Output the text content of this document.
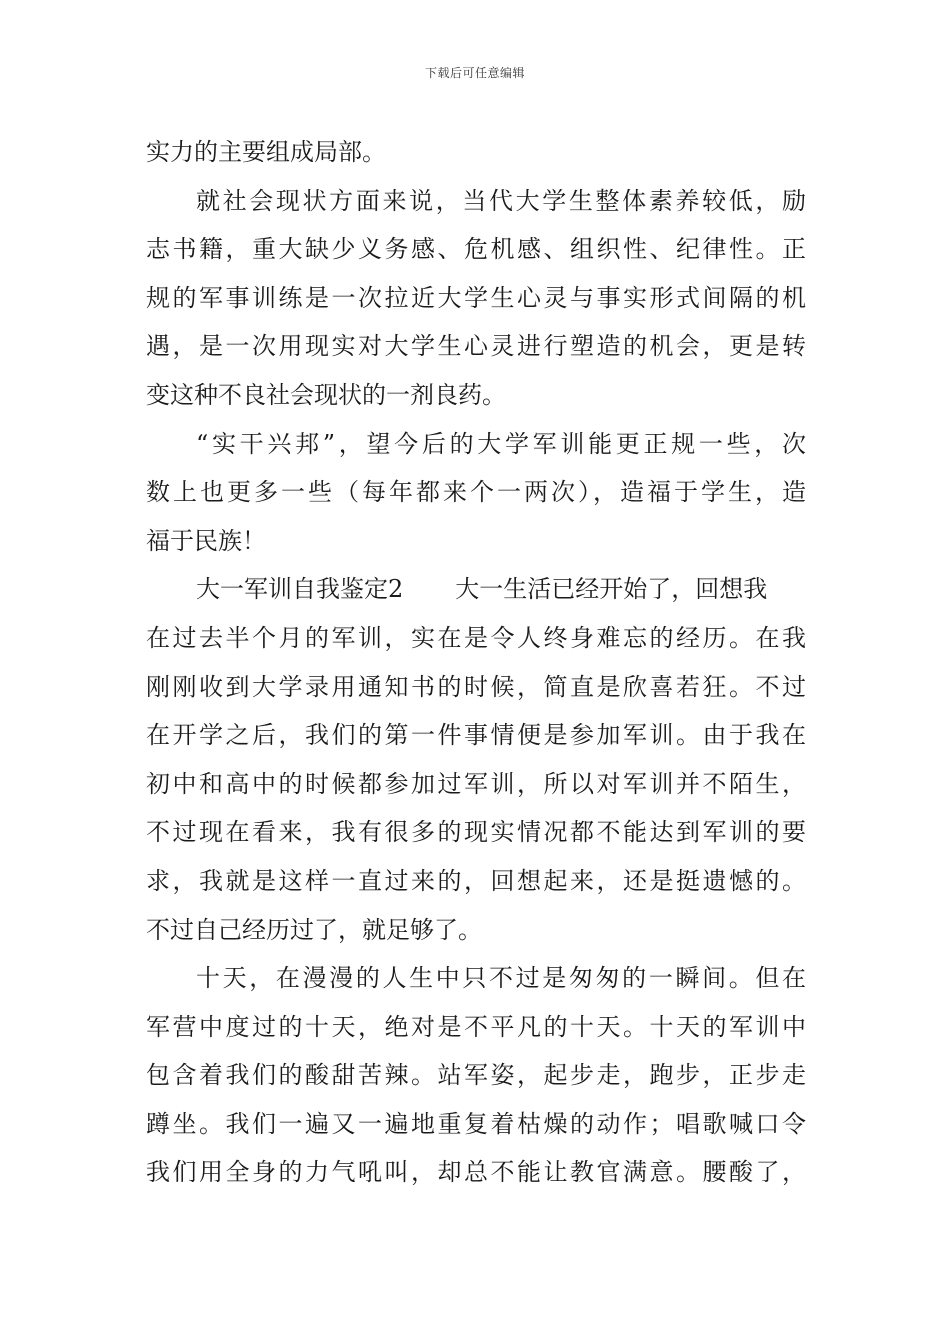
下载后可任意编辑
实力的主要组成局部。
就社会现状方面来说，当代大学生整体素养较低，励
志书籍，重大缺少义务感、危机感、组织性、纪律性。正
规的军事训练是一次拉近大学生心灵与事实形式间隔的机
遇，是一次用现实对大学生心灵进行塑造的机会，更是转
变这种不良社会现状的一剂良药。
“实干兴邦”，望今后的大学军训能更正规一些，次
数上也更多一些（每年都来个一两次），造福于学生，造
福于民族！
大一军训自我鉴定2 大一生活已经开始了，回想我
在过去半个月的军训，实在是令人终身难忘的经历。在我
刚刚收到大学录用通知书的时候，简直是欣喜若狂。不过
在开学之后，我们的第一件事情便是参加军训。由于我在
初中和高中的时候都参加过军训，所以对军训并不陌生，
不过现在看来，我有很多的现实情况都不能达到军训的要
求，我就是这样一直过来的，回想起来，还是挺遗憾的。
不过自己经历过了，就足够了。
十天，在漫漫的人生中只不过是匆匆的一瞬间。但在
军营中度过的十天，绝对是不平凡的十天。十天的军训中
包含着我们的酸甜苦辣。站军姿，起步走，跑步，正步走
蹲坐。我们一遍又一遍地重复着枯燥的动作；唱歌喊口令
我们用全身的力气吼叫，却总不能让教官满意。腰酸了，
